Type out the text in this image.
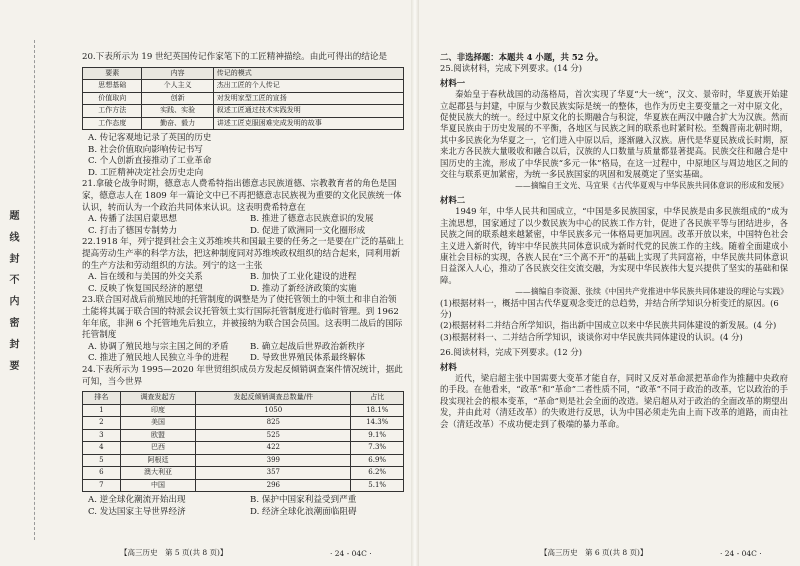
题 线 封 不 内 密 封 要

20.下表所示为 19 世纪英国传记作家笔下的工匠精神描绘。由此可得出的结论是

要素	内容	传记的模式
思想基础	个人主义	杰出工匠的个人传记
价值取向	创新	对发明家型工匠的宣扬
工作方法	实践、实验	叙述工匠通过技术实践发明
工作态度	勤奋、毅力	讲述工匠克服困难完成发明的故事
A. 传记客观地记录了英国的历史
B. 社会价值取向影响传记书写
C. 个人创新直接推动了工业革命
D. 工匠精神决定社会历史走向

21.拿破仑战争时期，德意志人费希特指出德意志民族道德、宗教教育者的角色是国家，德意志人在 1809 年一篇论文中已不再把德意志民族视为重要的文化民族统一体认识，转而认为一个政治共同体来认识。这表明费希特意在

A. 传播了法国启蒙思想	B. 推进了德意志民族意识的发展
C. 打击了德国专制势力	D. 促进了欧洲同一文化圈形成

22.1918 年，列宁提到社会主义苏维埃共和国最主要的任务之一是要在广泛的基础上提高劳动生产率的科学方法，把这种制度同对苏维埃政权组织的结合起来，同利用新的生产方法和劳动组织的方法。列宁的这一主张

A. 旨在缓和与美国的外交关系	B. 加快了工业化建设的进程
C. 反映了恢复国民经济的愿望	D. 推动了新经济政策的实施

23.联合国对战后前殖民地的托管制度的调整是为了使托管领土的中领土和非自治领土能将其属于联合国的特派会议托管领土实行国际托管制度进行临时管理。到 1962 年年底，非洲 6 个托管地先后独立，并被接纳为联合国会员国。这表明二战后的国际托管制度

A. 协调了殖民地与宗主国之间的矛盾	B. 确立起战后世界政治新秩序
C. 推进了殖民地人民独立斗争的进程	D. 导致世界殖民体系最终解体

24.下表所示为 1995—2020 年世贸组织成员方发起反倾销调查案件情况统计，据此可知，当今世界

排名	调查发起方	发起反倾销调查总数量/件	占比
1	印度	1050	18.1%
2	美国	825	14.3%
3	欧盟	525	9.1%
4	巴西	422	7.3%
5	阿根廷	399	6.9%
6	澳大利亚	357	6.2%
7	中国	296	5.1%
A. 逆全球化潮流开始出现	B. 保护中国家利益受到严重
C. 发达国家主导世界经济	D. 经济全球化浪潮面临阻碍
【高三历史　第 5 页(共 8 页)】	· 24 - 04C ·
二、非选择题：本题共 4 小题，共 52 分。
25.阅读材料，完成下列要求。(14 分)
材料一
秦始皇于春秋战国的动荡格局，首次实现了华夏“大一统”，汉文、景帝时，华夏族开始建立起郡县与封建，中原与少数民族实际是统一的整体，也作为历史主要变量之一对中原文化，促使民族大的统一。经过中原文化的长期融合与积淀，华夏族在两汉中融合扩大为汉族。然而华夏民族由于历史发展的不平衡，各地区与民族之间的联系也时紧时松。至魏晋南北朝时期，其中多民族化为华夏之一，它们进入中原以后，逐渐融入汉族。唐代是华夏民族成长时期，原来北方各民族大量吸收和融合以后，汉族的人口数量与质量都显著提高。民族交往和融合是中国历史的主流，形成了中华民族“多元一体”格局，在这一过程中，中原地区与周边地区之间的交往与联系更加紧密，为统一多民族国家的巩固和发展奠定了坚实基础。
——摘编自王文光、马宜果《古代华夏观与中华民族共同体意识的形成和发展》
材料二
1949 年，中华人民共和国成立，“中国是多民族国家，中华民族是由多民族组成的”成为主流思想，国家通过了以少数民族为中心的民族工作方针，促进了各民族平等与团结进步，各民族之间的联系越来越紧密，中华民族多元一体格局更加巩固。改革开放以来，中国特色社会主义进入新时代，铸牢中华民族共同体意识成为新时代党的民族工作的主线。随着全面建成小康社会目标的实现，各族人民在“三个离不开”的基础上实现了共同富裕，中华民族共同体意识日益深入人心，推动了各民族交往交流交融，为实现中华民族伟大复兴提供了坚实的基础和保障。
——摘编自李资源、张续《中国共产党推进中华民族共同体建设的理论与实践》
(1)根据材料一，概括中国古代华夏观念变迁的总趋势，并结合所学知识分析变迁的原因。(6 分)
(2)根据材料二并结合所学知识，指出新中国成立以来中华民族共同体建设的新发展。(4 分)
(3)根据材料一、二并结合所学知识，谈谈你对中华民族共同体建设的认识。(4 分)
26.阅读材料，完成下列要求。(12 分)
材料
近代，梁启超主张中国需要大变革才能自存，同时又反对革命派把革命作为推翻中央政府的手段。在他看来，“政革”和“革命”二者性质不同，“政革”不同于政治的改革，它以政治的手段实现社会的根本变革，“革命”则是社会全面的改造。梁启超从对于政治的全面改革的期望出发，并由此对（清廷改革）的失败进行反思，认为中国必须走先由上而下改革的道路，而由社会（清廷改革）不成功便走到了极端的暴力革命。
【高三历史　第 6 页(共 8 页)】	· 24 - 04C ·
